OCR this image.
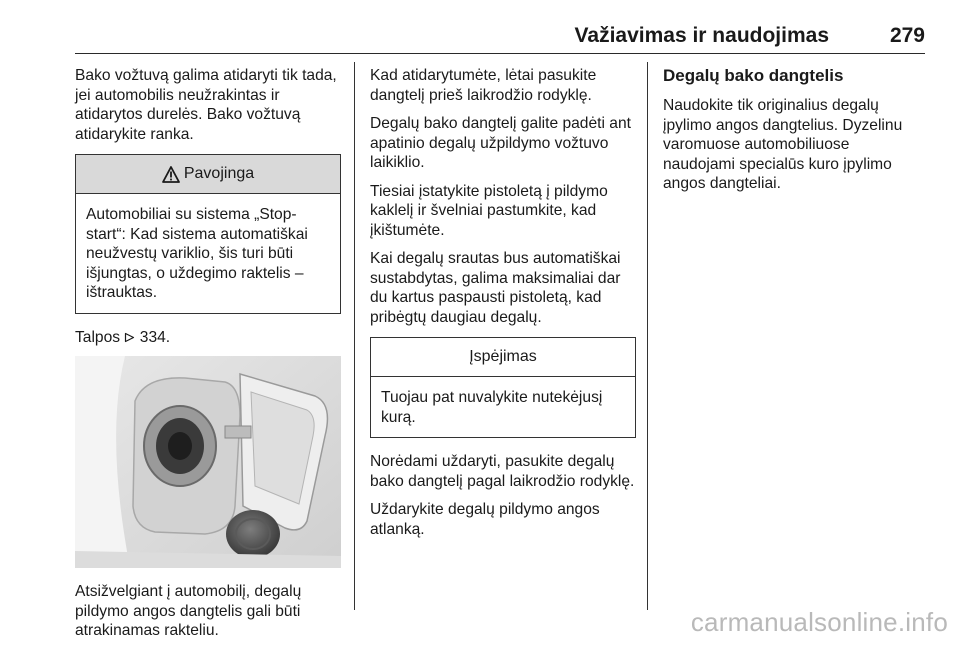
Važiavimas ir naudojimas	279

Bako vožtuvą galima atidaryti tik tada, jei automobilis neužrakintas ir atidarytos durelės. Bako vožtuvą atidarykite ranka.

Pavojinga
Automobiliai su sistema „Stop-start“: Kad sistema automatiškai neužvestų variklio, šis turi būti išjungtas, o uždegimo raktelis – ištrauktas.

Talpos 334.

Atsižvelgiant į automobilį, degalų pildymo angos dangtelis gali būti atrakinamas rakteliu.

Kad atidarytumėte, lėtai pasukite dangtelį prieš laikrodžio rodyklę.

Degalų bako dangtelį galite padėti ant apatinio degalų užpildymo vožtuvo laikiklio.

Tiesiai įstatykite pistoletą į pildymo kaklelį ir švelniai pastumkite, kad įkištumėte.

Kai degalų srautas bus automatiškai sustabdytas, galima maksimaliai dar du kartus paspausti pistoletą, kad pribėgtų daugiau degalų.

Įspėjimas
Tuojau pat nuvalykite nutekėjusį kurą.

Norėdami uždaryti, pasukite degalų bako dangtelį pagal laikrodžio rodyklę.

Uždarykite degalų pildymo angos atlanką.

Degalų bako dangtelis

Naudokite tik originalius degalų įpylimo angos dangtelius. Dyzelinu varomuose automobiliuose naudojami specialūs kuro įpylimo angos dangteliai.

carmanualsonline.info
